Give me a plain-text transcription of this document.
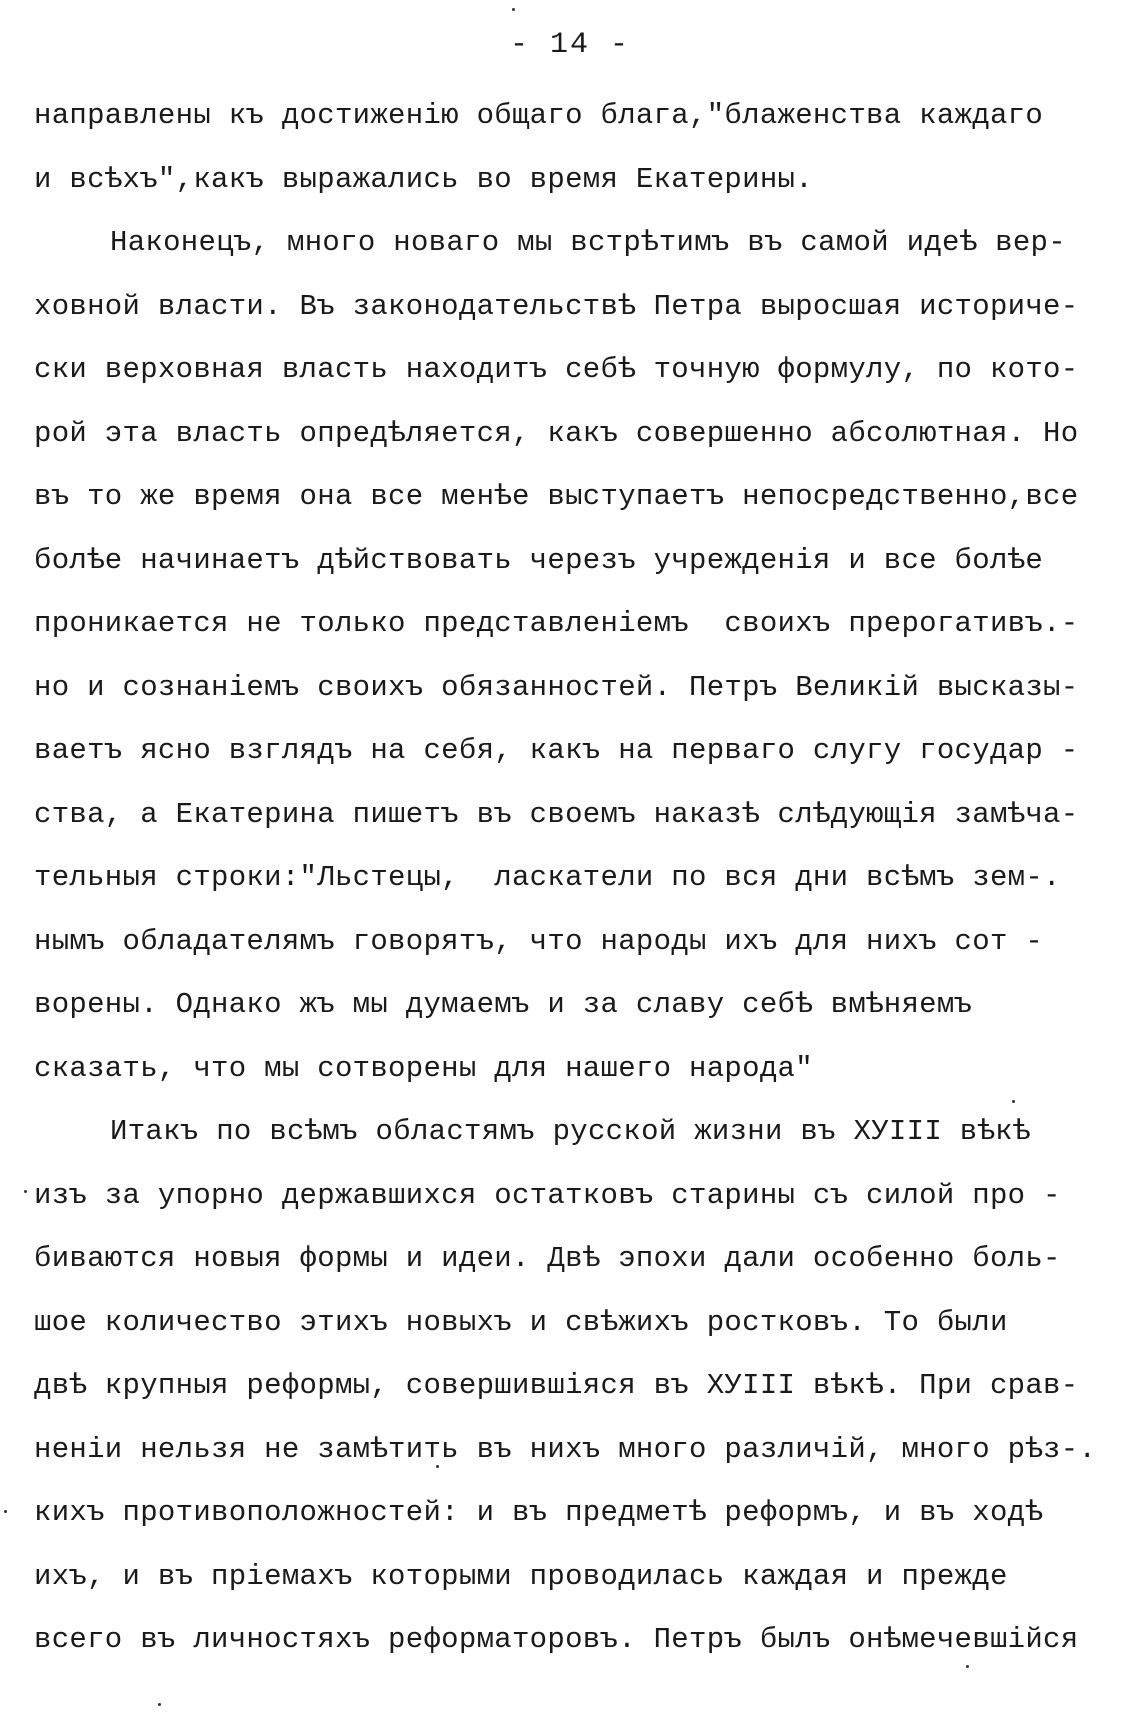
- 14 -
направлены къ достиженію общаго блага,"блаженства каждаго
и всѣхъ",какъ выражались во время Екатерины.
Наконецъ, много новаго мы встрѣтимъ въ самой идеѣ вер-
ховной власти. Въ законодательствѣ Петра выросшая историче-
ски верховная власть находитъ себѣ точную формулу, по кото-
рой эта власть опредѣляется, какъ совершенно абсолютная. Но
въ то же время она все менѣе выступаетъ непосредственно,все
болѣе начинаетъ дѣйствовать черезъ учрежденія и все болѣе
проникается не только представленіемъ  своихъ прерогативъ.-
но и сознаніемъ своихъ обязанностей. Петръ Великій высказы-
ваетъ ясно взглядъ на себя, какъ на перваго слугу государ -
ства, а Екатерина пишетъ въ своемъ наказѣ слѣдующія замѣча-
тельныя строки:"Льстецы,  ласкатели по вся дни всѣмъ зем-.
нымъ обладателямъ говорятъ, что народы ихъ для нихъ сот -
ворены. Однако жъ мы думаемъ и за славу себѣ вмѣняемъ
сказать, что мы сотворены для нашего народа"
Итакъ по всѣмъ областямъ русской жизни въ ХУIII вѣкѣ
изъ за упорно державшихся остатковъ старины съ силой про -
биваются новыя формы и идеи. Двѣ эпохи дали особенно боль-
шое количество этихъ новыхъ и свѣжихъ ростковъ. То были
двѣ крупныя реформы, совершившіяся въ ХУIII вѣкѣ. При срав-
неніи нельзя не замѣтить въ нихъ много различій, много рѣз-.
кихъ противоположностей: и въ предметѣ реформъ, и въ ходѣ
ихъ, и въ пріемахъ которыми проводилась каждая и прежде
всего въ личностяхъ реформаторовъ. Петръ былъ онѣмечевшійся
